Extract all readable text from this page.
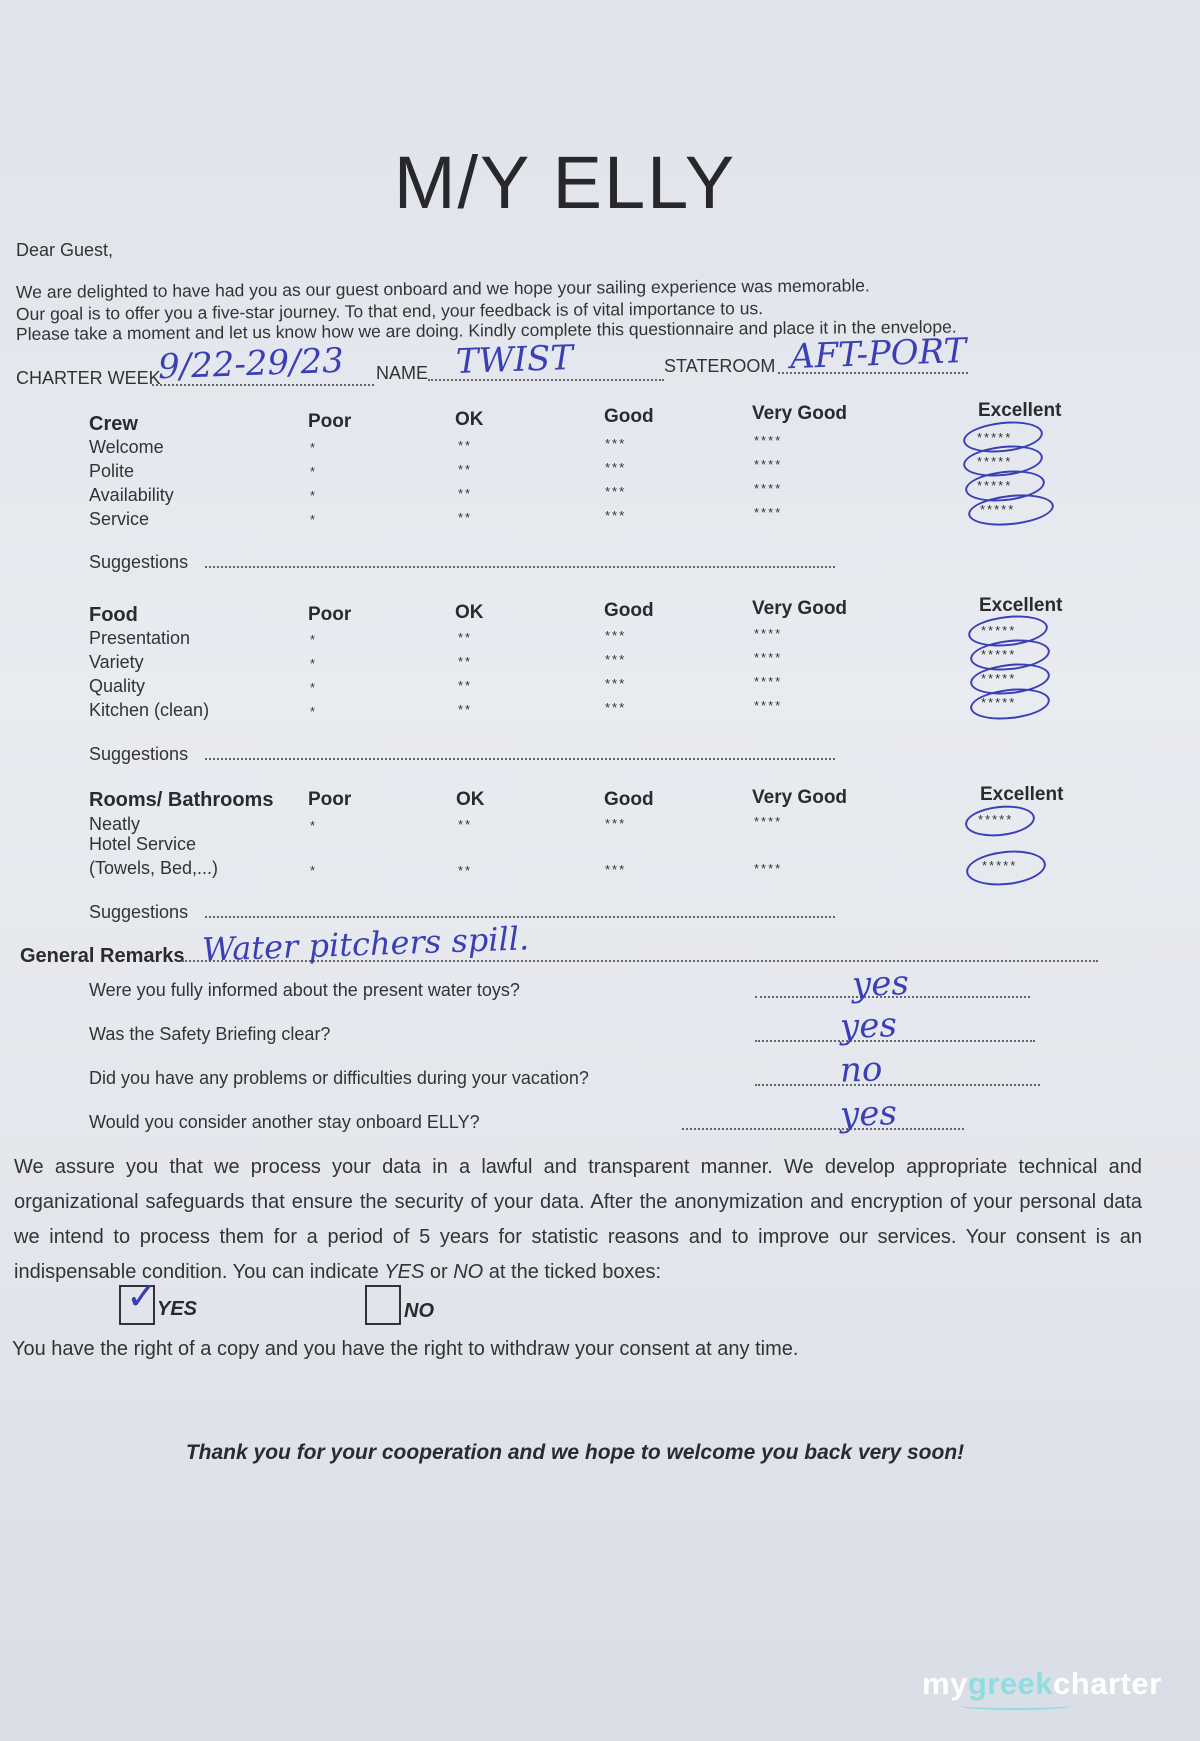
M/Y ELLY
Dear Guest,
We are delighted to have had you as our guest onboard and we hope your sailing experience was memorable.
Our goal is to offer you a five-star journey. To that end, your feedback is of vital importance to us.
Please take a moment and let us know how we are doing. Kindly complete this questionnaire and place it in the envelope.
CHARTER WEEK
9/22-29/23 NAME TWIST	STATEROOM AFT-PORT
Crew	Poor	OK	Good	Very Good	Excellent
Welcome	*	**	***	****	*****
Polite	*	**	***	****	*****
Availability	*	**	***	****	*****
Service	*	**	***	****	*****
Suggestions
Food	Poor	OK	Good	Very Good	Excellent
Presentation	*	**	***	****	*****
Variety	*	**	***	****	*****
Quality	*	**	***	****	*****
Kitchen (clean)	*	**	***	****	*****
Suggestions
Rooms/ Bathrooms Poor	OK	Good	Very Good	Excellent
Neatly	*	**	***	****	*****
Hotel Service
(Towels, Bed,...)	*	**	***	****	*****
Suggestions
General Remarks Water pitchers spill.
Were you fully informed about the present water toys?	yes
Was the Safety Briefing clear?	yes
Did you have any problems or difficulties during your vacation?	no
Would you consider another stay onboard ELLY?	yes
We assure you that we process your data in a lawful and transparent manner. We develop appropriate technical and organizational safeguards that ensure the security of your data. After the anonymization and encryption of your personal data we intend to process them for a period of 5 years for statistic reasons and to improve our services. Your consent is an indispensable condition. You can indicate YES or NO at the ticked boxes:
✓ YES	NO
You have the right of a copy and you have the right to withdraw your consent at any time.
Thank you for your cooperation and we hope to welcome you back very soon!
mygreekcharter
